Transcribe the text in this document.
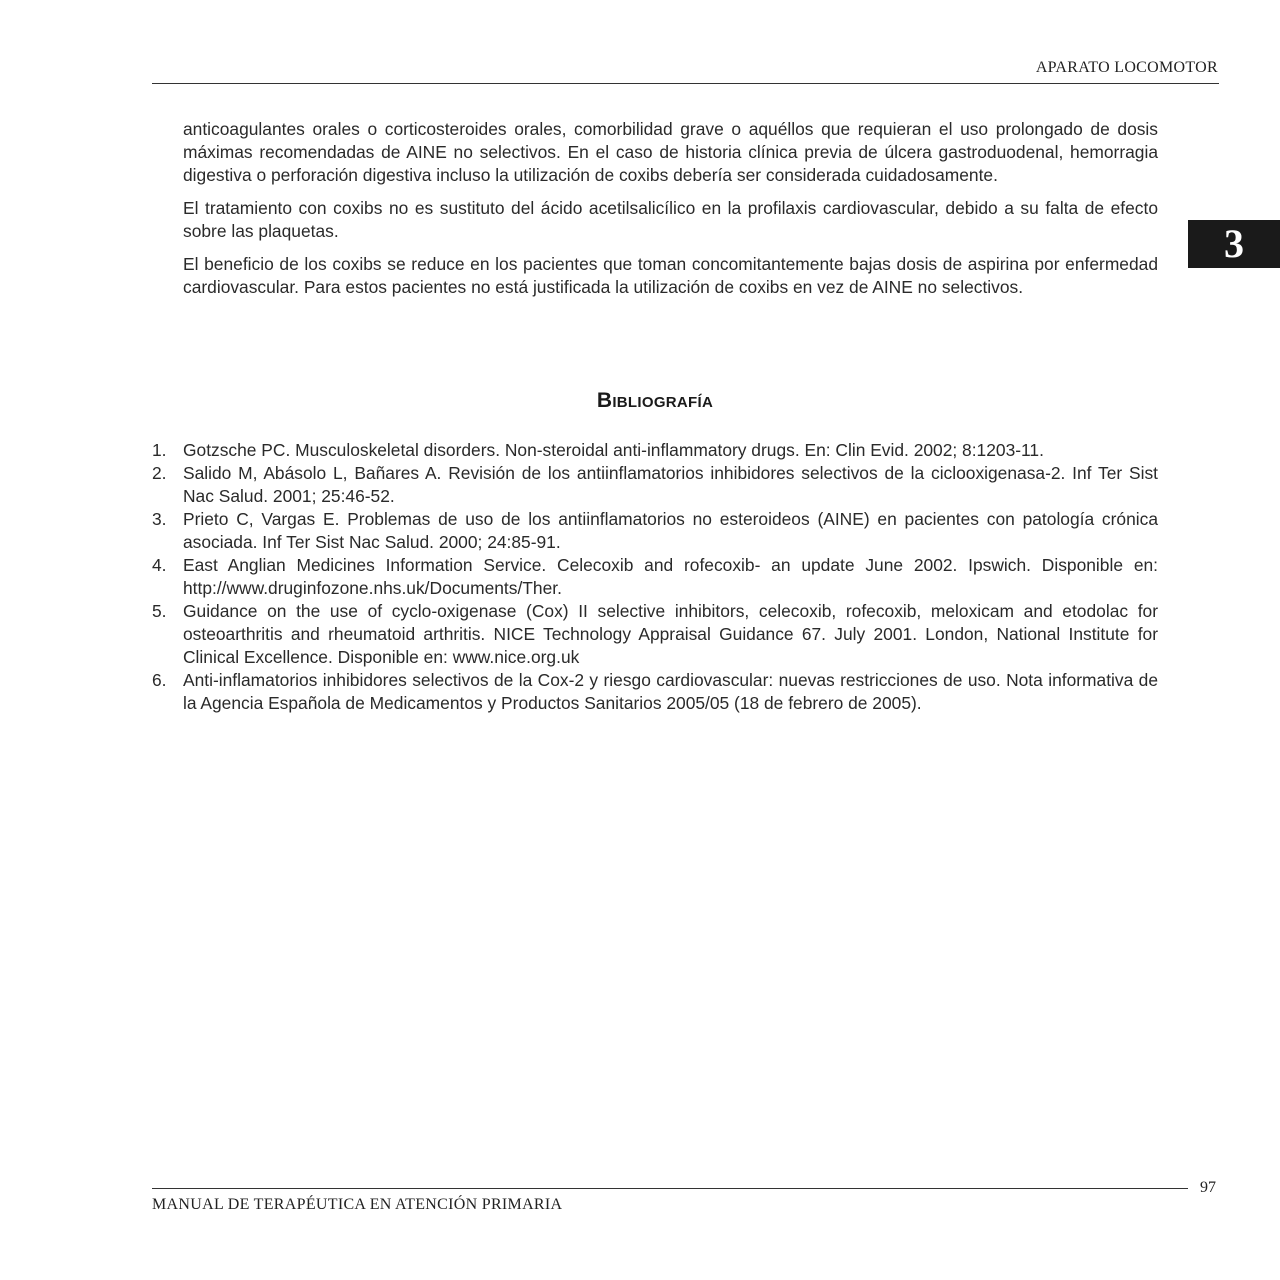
APARATO LOCOMOTOR
3

anticoagulantes orales o corticosteroides orales, comorbilidad grave o aquéllos que requieran el uso prolongado de dosis máximas recomendadas de AINE no selectivos. En el caso de historia clínica previa de úlcera gastroduodenal, hemorragia digestiva o perforación digestiva incluso la utilización de coxibs debería ser considerada cuidadosamente.

El tratamiento con coxibs no es sustituto del ácido acetilsalicílico en la profilaxis cardiovascular, debido a su falta de efecto sobre las plaquetas.

El beneficio de los coxibs se reduce en los pacientes que toman concomitantemente bajas dosis de aspirina por enfermedad cardiovascular. Para estos pacientes no está justificada la utilización de coxibs en vez de AINE no selectivos.

Bibliografía
1. Gotzsche PC. Musculoskeletal disorders. Non-steroidal anti-inflammatory drugs. En: Clin Evid. 2002; 8:1203-11.
2. Salido M, Abásolo L, Bañares A. Revisión de los antiinflamatorios inhibidores selectivos de la ciclooxigenasa-2. Inf Ter Sist Nac Salud. 2001; 25:46-52.
3. Prieto C, Vargas E. Problemas de uso de los antiinflamatorios no esteroideos (AINE) en pacientes con patología crónica asociada. Inf Ter Sist Nac Salud. 2000; 24:85-91.
4. East Anglian Medicines Information Service. Celecoxib and rofecoxib- an update June 2002. Ipswich. Disponible en: http://www.druginfozone.nhs.uk/Documents/Ther.
5. Guidance on the use of cyclo-oxigenase (Cox) II selective inhibitors, celecoxib, rofecoxib, meloxicam and etodolac for osteoarthritis and rheumatoid arthritis. NICE Technology Appraisal Guidance 67. July 2001. London, National Institute for Clinical Excellence. Disponible en: www.nice.org.uk
6. Anti-inflamatorios inhibidores selectivos de la Cox-2 y riesgo cardiovascular: nuevas restricciones de uso. Nota informativa de la Agencia Española de Medicamentos y Productos Sanitarios 2005/05 (18 de febrero de 2005).
97
MANUAL DE TERAPÉUTICA EN ATENCIÓN PRIMARIA
